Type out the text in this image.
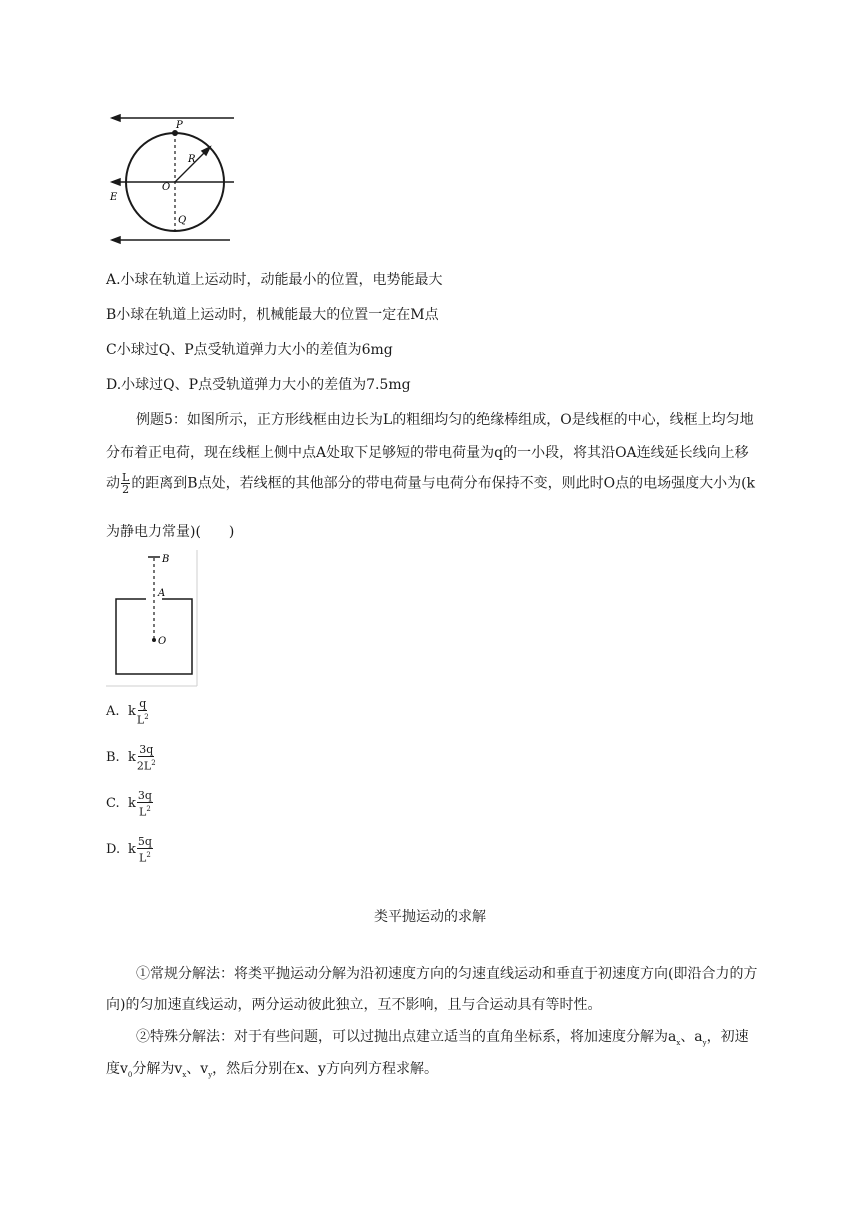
P
R
O
E
Q
A.小球在轨道上运动时，动能最小的位置，电势能最大
B小球在轨道上运动时，机械能最大的位置一定在M点
C小球过Q、P点受轨道弹力大小的差值为6mg
D.小球过Q、P点受轨道弹力大小的差值为7.5mg
例题5：如图所示，正方形线框由边长为L的粗细均匀的绝缘棒组成，O是线框的中心，线框上均匀地
分布着正电荷，现在线框上侧中点A处取下足够短的带电荷量为q的一小段，将其沿OA连线延长线向上移
动 $\frac{L}{2}$ 的距离到B点处，若线框的其他部分的带电荷量与电荷分布保持不变，则此时O点的电场强度大小为(k
为静电力常量)(　　)
B
A
O
A. k $\frac{q}{L^2}$
B. k $\frac{3q}{2L^2}$
C. k $\frac{3q}{L^2}$
D. k $\frac{5q}{L^2}$
类平抛运动的求解
①常规分解法：将类平抛运动分解为沿初速度方向的匀速直线运动和垂直于初速度方向(即沿合力的方
向)的匀加速直线运动，两分运动彼此独立，互不影响，且与合运动具有等时性。
②特殊分解法：对于有些问题，可以过抛出点建立适当的直角坐标系，将加速度分解为$a_x$、$a_y$，初速
度$v_0$分解为$v_x$、$v_y$，然后分别在x、y方向列方程求解。
